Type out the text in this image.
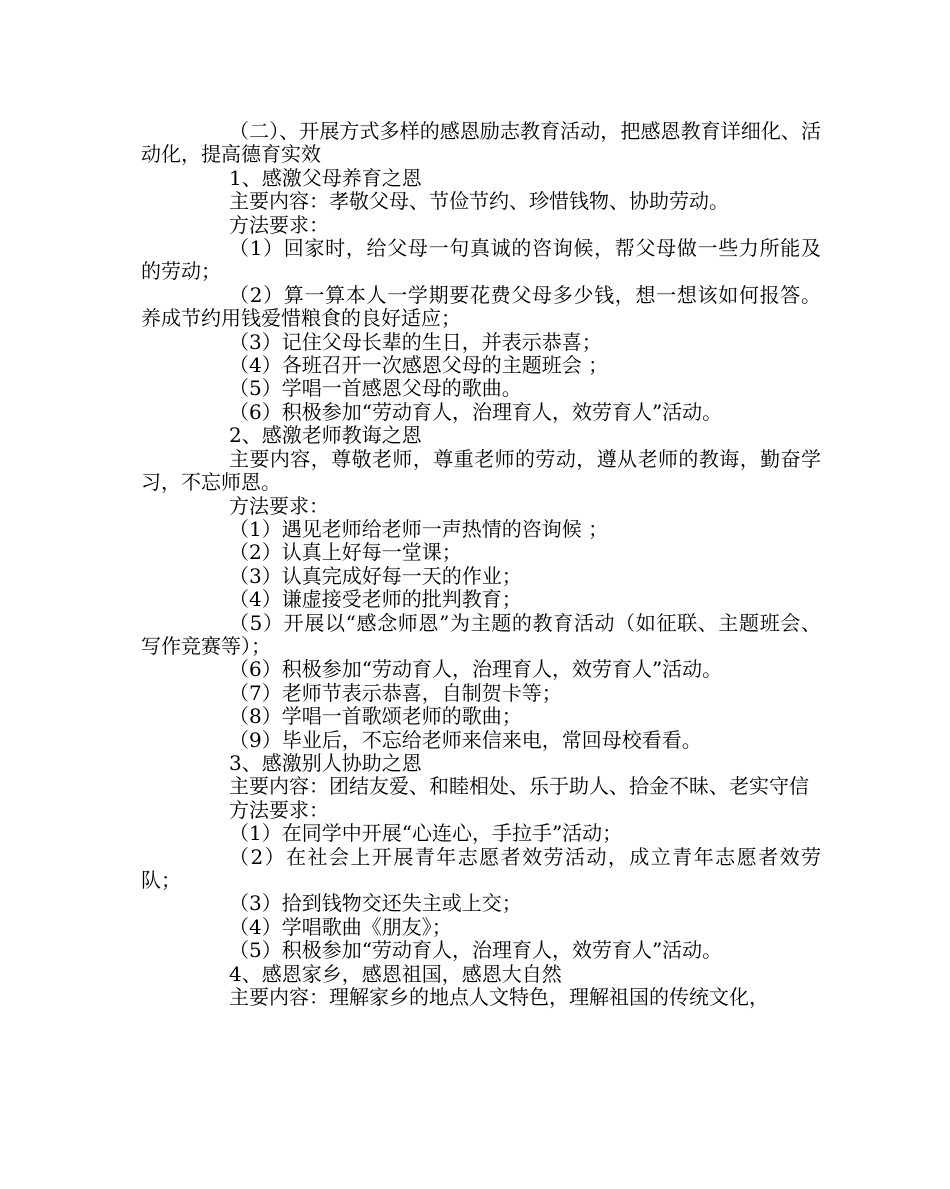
（二）、开展方式多样的感恩励志教育活动，把感恩教育详细化、活动化，提高德育实效

1、感激父母养育之恩

主要内容：孝敬父母、节俭节约、珍惜钱物、协助劳动。

方法要求：

（1）回家时，给父母一句真诚的咨询候，帮父母做一些力所能及的劳动；

（2）算一算本人一学期要花费父母多少钱，想一想该如何报答。养成节约用钱爱惜粮食的良好适应；

（3）记住父母长辈的生日，并表示恭喜；

（4）各班召开一次感恩父母的主题班会 ；

（5）学唱一首感恩父母的歌曲。

（6）积极参加“劳动育人，治理育人，效劳育人”活动。

2、感激老师教诲之恩

主要内容，尊敬老师，尊重老师的劳动，遵从老师的教诲，勤奋学习，不忘师恩。

方法要求：

（1）遇见老师给老师一声热情的咨询候 ；

（2）认真上好每一堂课；

（3）认真完成好每一天的作业；

（4）谦虚接受老师的批判教育；

（5）开展以“感念师恩”为主题的教育活动（如征联、主题班会、写作竞赛等）；

（6）积极参加“劳动育人，治理育人，效劳育人”活动。

（7）老师节表示恭喜，自制贺卡等；

（8）学唱一首歌颂老师的歌曲；

（9）毕业后，不忘给老师来信来电，常回母校看看。

3、感激别人协助之恩

主要内容：团结友爱、和睦相处、乐于助人、拾金不昧、老实守信

方法要求：

（1）在同学中开展“心连心，手拉手”活动；

（2）在社会上开展青年志愿者效劳活动，成立青年志愿者效劳队；

（3）拾到钱物交还失主或上交；

（4）学唱歌曲《朋友》；

（5）积极参加“劳动育人，治理育人，效劳育人”活动。

4、感恩家乡，感恩祖国，感恩大自然

主要内容：理解家乡的地点人文特色，理解祖国的传统文化，
